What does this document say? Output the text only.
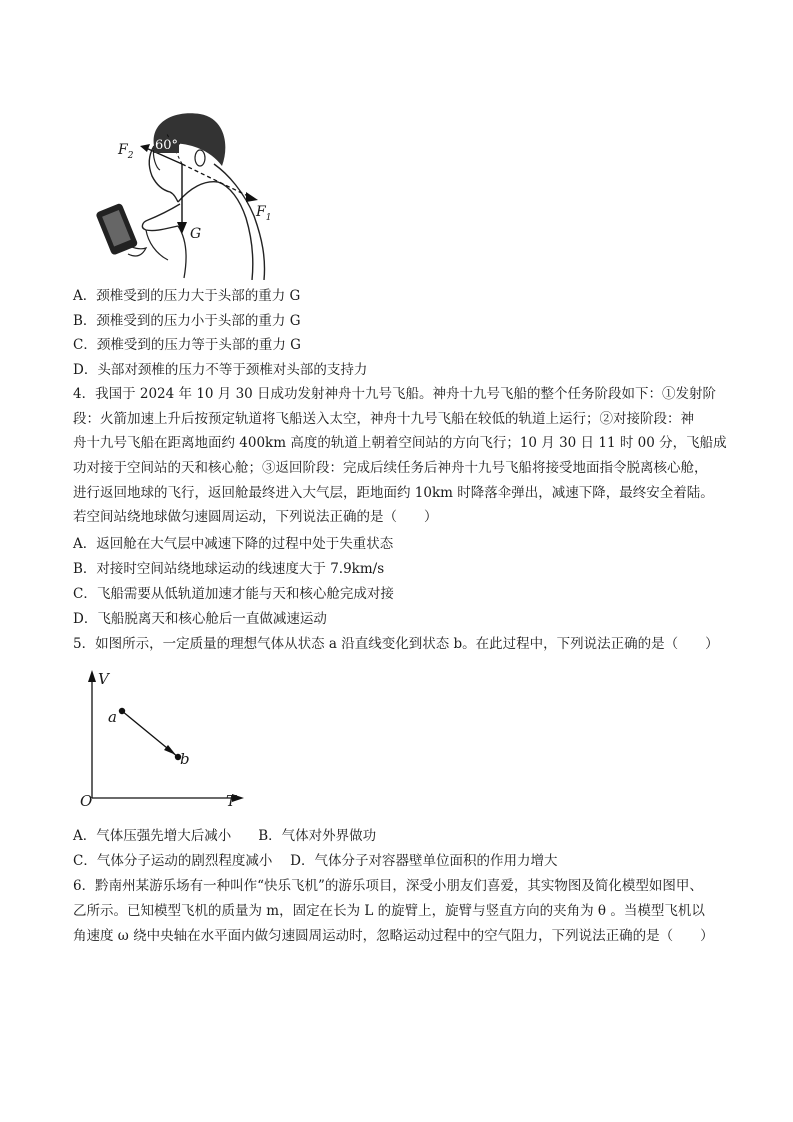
$F_2$
60°
$F_1$
G
A．颈椎受到的压力大于头部的重力 G
B．颈椎受到的压力小于头部的重力 G
C．颈椎受到的压力等于头部的重力 G
D．头部对颈椎的压力不等于颈椎对头部的支持力
4．我国于 2024 年 10 月 30 日成功发射神舟十九号飞船。神舟十九号飞船的整个任务阶段如下：①发射阶
段：火箭加速上升后按预定轨道将飞船送入太空，神舟十九号飞船在较低的轨道上运行；②对接阶段：神
舟十九号飞船在距离地面约 400km 高度的轨道上朝着空间站的方向飞行；10 月 30 日 11 时 00 分，飞船成
功对接于空间站的天和核心舱；③返回阶段：完成后续任务后神舟十九号飞船将接受地面指令脱离核心舱，
进行返回地球的飞行，返回舱最终进入大气层，距地面约 10km 时降落伞弹出，减速下降，最终安全着陆。
若空间站绕地球做匀速圆周运动，下列说法正确的是（　　）
A．返回舱在大气层中减速下降的过程中处于失重状态
B．对接时空间站绕地球运动的线速度大于 7.9km/s
C．飞船需要从低轨道加速才能与天和核心舱完成对接
D．飞船脱离天和核心舱后一直做减速运动
5．如图所示，一定质量的理想气体从状态 a 沿直线变化到状态 b。在此过程中，下列说法正确的是（　　）
V
T
O
a
b
A．气体压强先增大后减小　　B．气体对外界做功
C．气体分子运动的剧烈程度减小　 D．气体分子对容器壁单位面积的作用力增大
6．黔南州某游乐场有一种叫作“快乐飞机”的游乐项目，深受小朋友们喜爱，其实物图及简化模型如图甲、
乙所示。已知模型飞机的质量为 m，固定在长为 L 的旋臂上，旋臂与竖直方向的夹角为 θ 。当模型飞机以
角速度 ω 绕中央轴在水平面内做匀速圆周运动时，忽略运动过程中的空气阻力，下列说法正确的是（　　）
